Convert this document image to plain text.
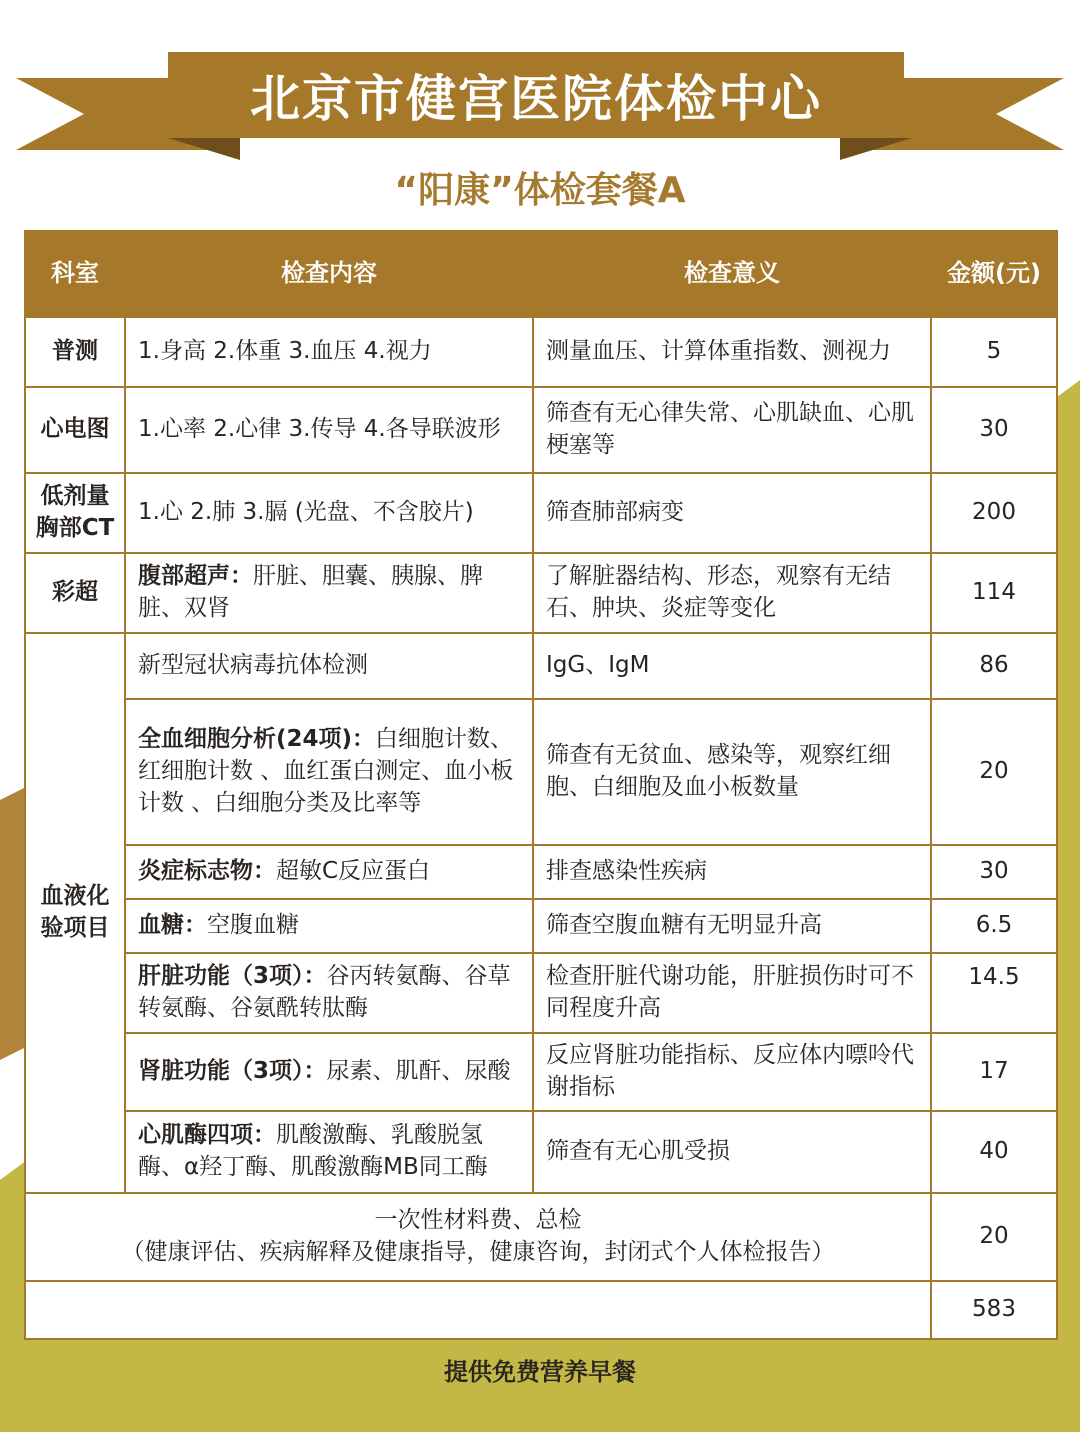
北京市健宫医院体检中心
“阳康”体检套餐A
科室	检查内容	检查意义	金额(元)
普测	1.身高 2.体重 3.血压 4.视力	测量血压、计算体重指数、测视力	5
心电图	1.心率 2.心律 3.传导 4.各导联波形	筛查有无心律失常、心肌缺血、心肌梗塞等	30
低剂量胸部CT	1.心 2.肺 3.膈 (光盘、不含胶片)	筛查肺部病变	200
彩超	腹部超声：肝脏、胆囊、胰腺、脾脏、双肾	了解脏器结构、形态，观察有无结石、肿块、炎症等变化	114
血液化验项目	新型冠状病毒抗体检测	IgG、IgM	86
	全血细胞分析(24项)：白细胞计数、红细胞计数 、血红蛋白测定、血小板计数 、白细胞分类及比率等	筛查有无贫血、感染等，观察红细胞、白细胞及血小板数量	20
	炎症标志物：超敏C反应蛋白	排查感染性疾病	30
	血糖：空腹血糖	筛查空腹血糖有无明显升高	6.5
	肝脏功能（3项）：谷丙转氨酶、谷草转氨酶、谷氨酰转肽酶	检查肝脏代谢功能，肝脏损伤时可不同程度升高	14.5
	肾脏功能（3项）：尿素、肌酐、尿酸	反应肾脏功能指标、反应体内嘌呤代谢指标	17
	心肌酶四项：肌酸激酶、乳酸脱氢酶、α羟丁酶、肌酸激酶MB同工酶	筛查有无心肌受损	40

一次性材料费、总检
（健康评估、疾病解释及健康指导，健康咨询，封闭式个人体检报告）			20
			583
提供免费营养早餐
